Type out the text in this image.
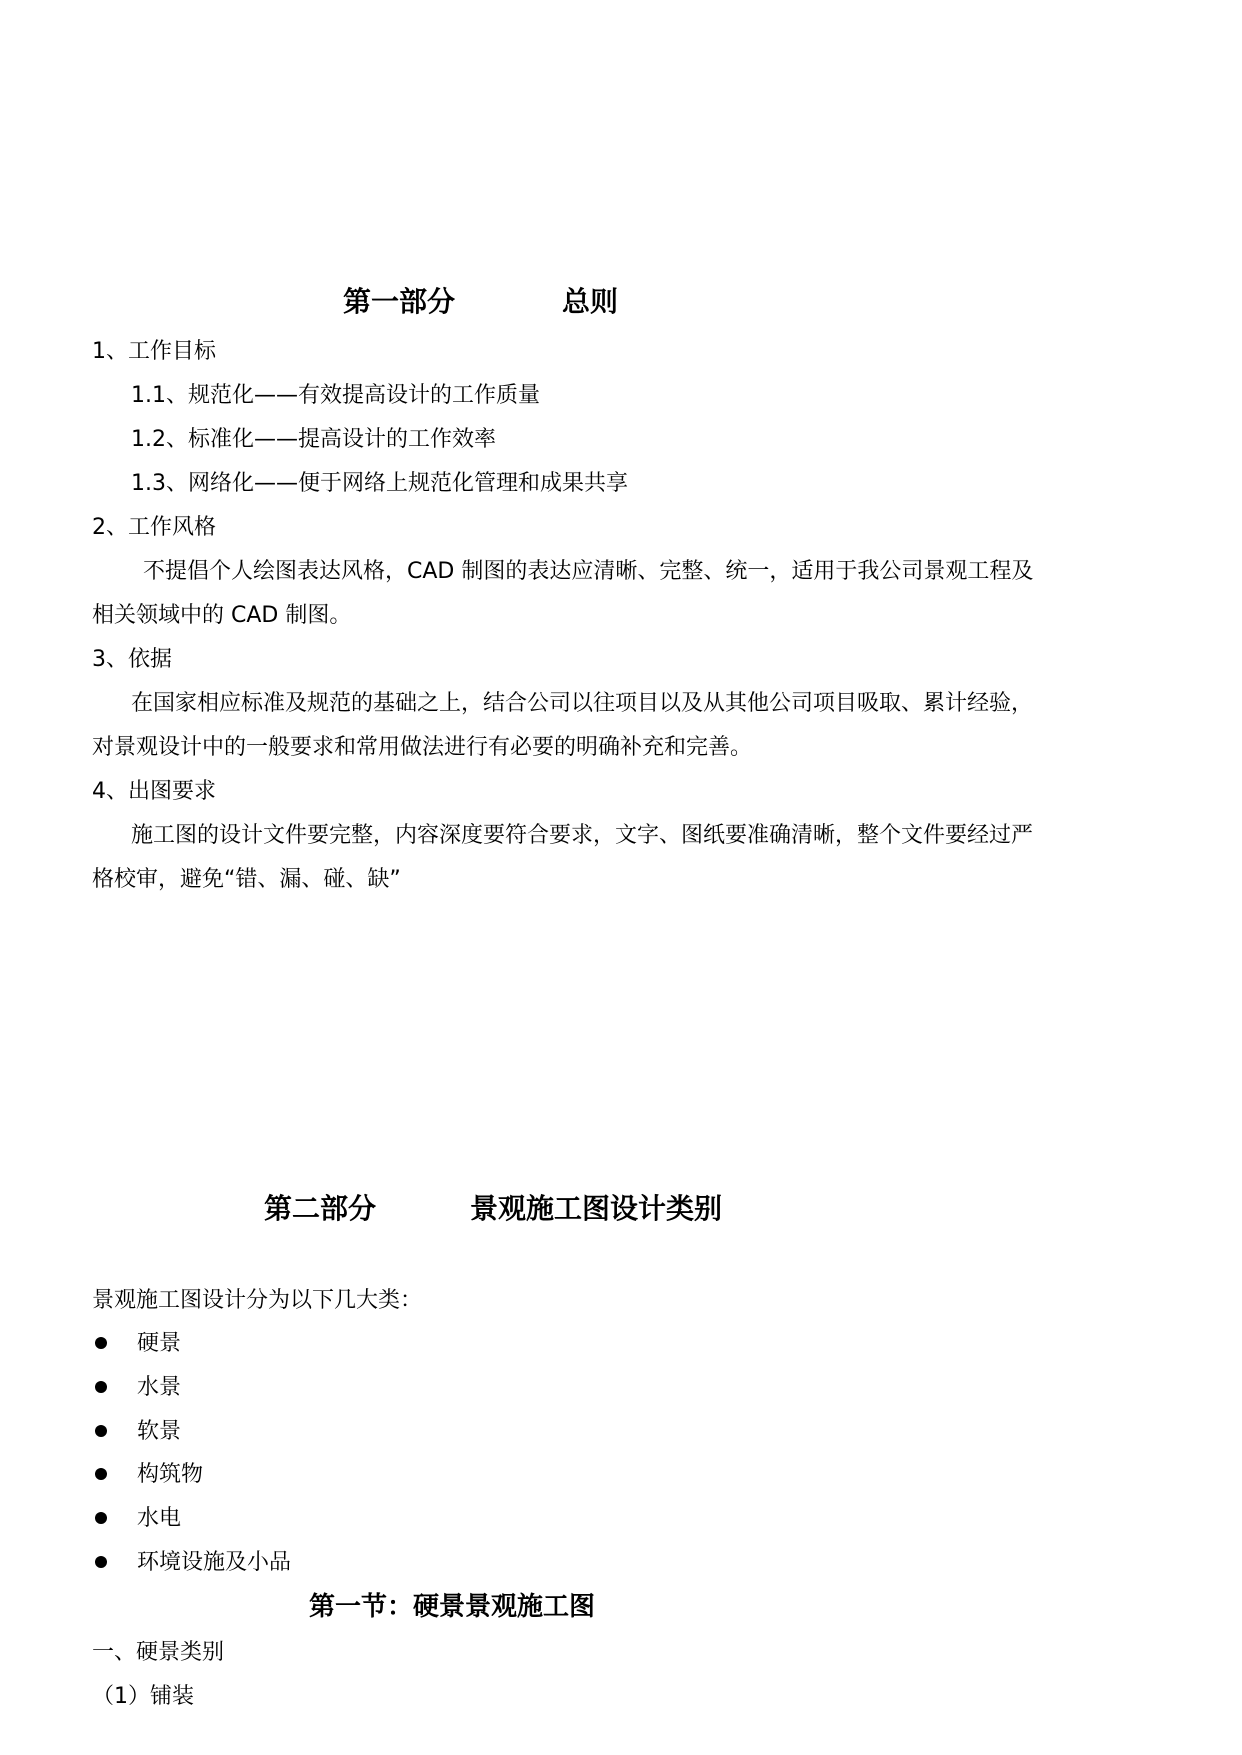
第一部分	总则
1、工作目标
1.1、规范化——有效提高设计的工作质量
1.2、标准化——提高设计的工作效率
1.3、网络化——便于网络上规范化管理和成果共享
2、工作风格
不提倡个人绘图表达风格，CAD 制图的表达应清晰、完整、统一，适用于我公司景观工程及
相关领域中的 CAD 制图。
3、依据
在国家相应标准及规范的基础之上，结合公司以往项目以及从其他公司项目吸取、累计经验，
对景观设计中的一般要求和常用做法进行有必要的明确补充和完善。
4、出图要求
施工图的设计文件要完整，内容深度要符合要求，文字、图纸要准确清晰，整个文件要经过严
格校审，避免“错、漏、碰、缺”
第二部分	景观施工图设计类别
景观施工图设计分为以下几大类：
硬景
水景
软景
构筑物
水电
环境设施及小品
第一节：硬景景观施工图
一、硬景类别
（1）铺装
